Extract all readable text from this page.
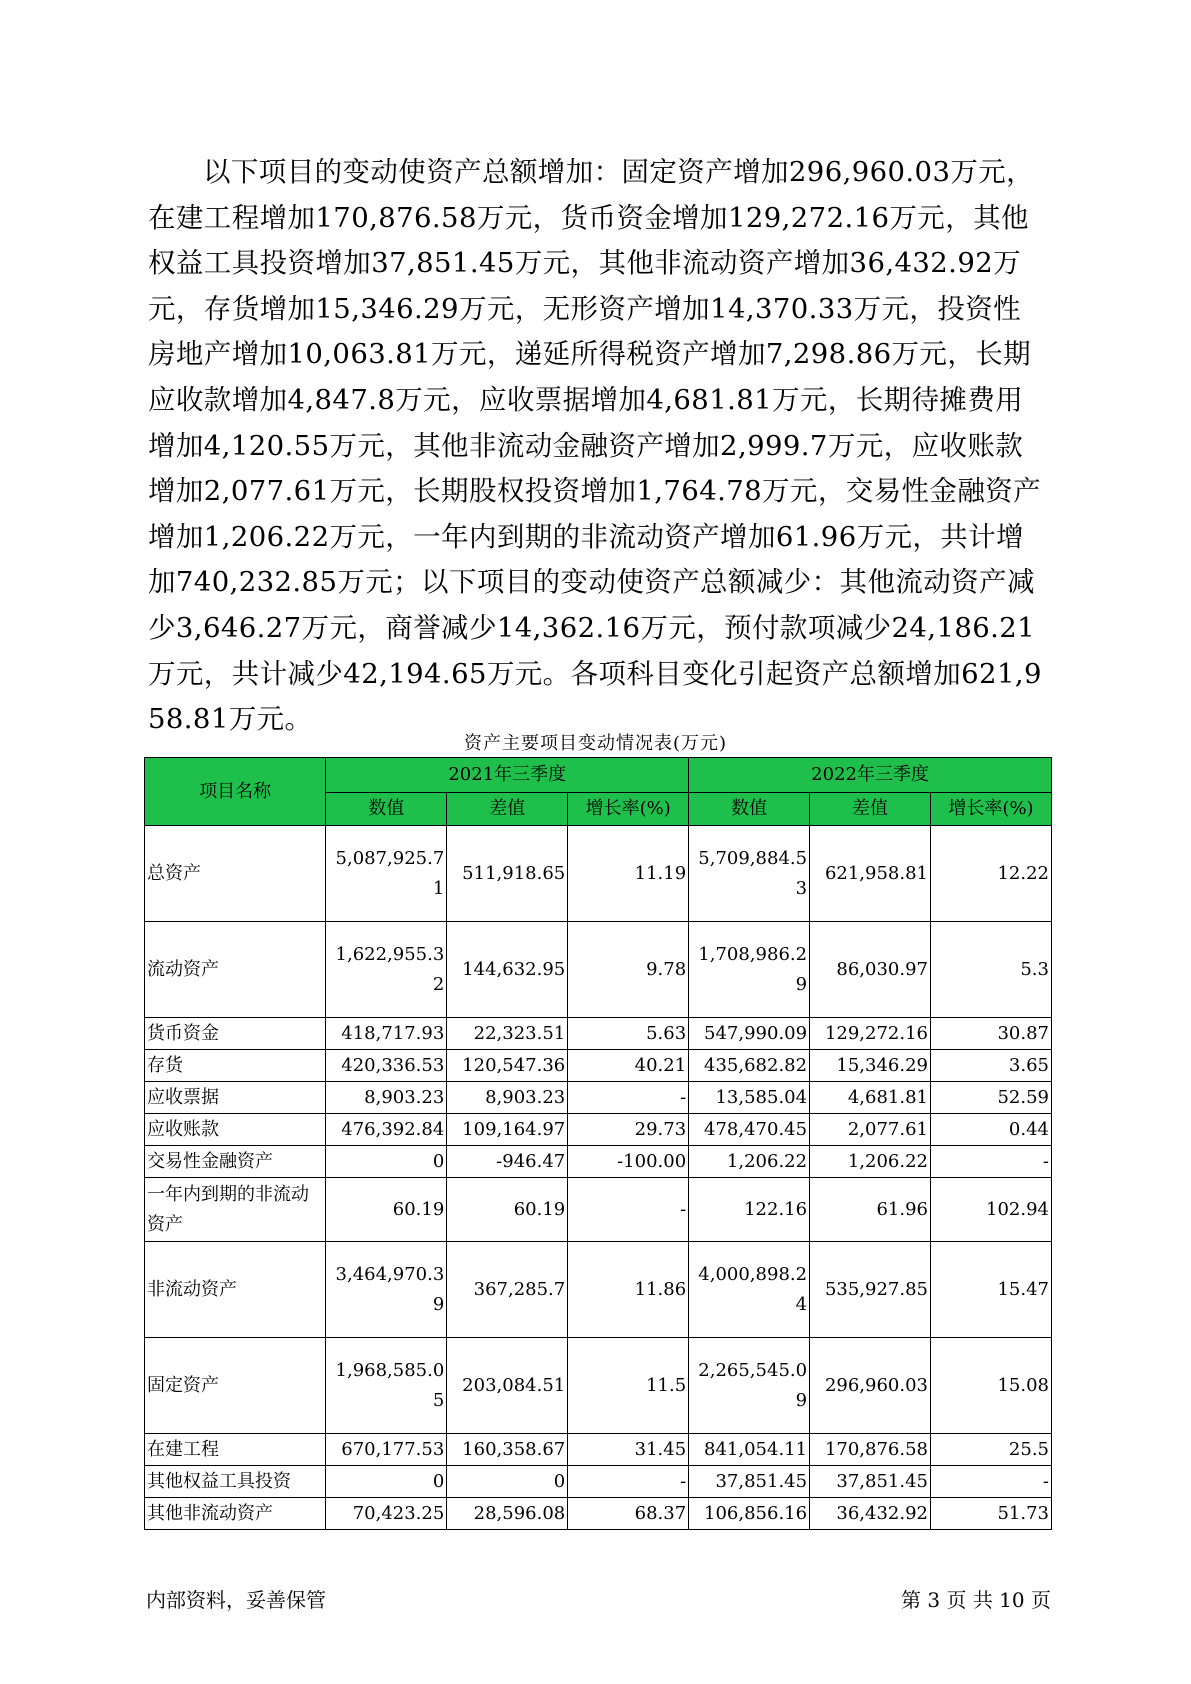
以下项目的变动使资产总额增加：固定资产增加296,960.03万元，在建工程增加170,876.58万元，货币资金增加129,272.16万元，其他权益工具投资增加37,851.45万元，其他非流动资产增加36,432.92万元，存货增加15,346.29万元，无形资产增加14,370.33万元，投资性房地产增加10,063.81万元，递延所得税资产增加7,298.86万元，长期应收款增加4,847.8万元，应收票据增加4,681.81万元，长期待摊费用增加4,120.55万元，其他非流动金融资产增加2,999.7万元，应收账款增加2,077.61万元，长期股权投资增加1,764.78万元，交易性金融资产增加1,206.22万元，一年内到期的非流动资产增加61.96万元，共计增加740,232.85万元；以下项目的变动使资产总额减少：其他流动资产减少3,646.27万元，商誉减少14,362.16万元，预付款项减少24,186.21万元，共计减少42,194.65万元。各项科目变化引起资产总额增加621,958.81万元。

资产主要项目变动情况表(万元)
项目名称	2021年三季度			2022年三季度		
	数值	差值	增长率(%)	数值	差值	增长率(%)
总资产	5,087,925.71	511,918.65	11.19	5,709,884.53	621,958.81	12.22
流动资产	1,622,955.32	144,632.95	9.78	1,708,986.29	86,030.97	5.3
货币资金	418,717.93	22,323.51	5.63	547,990.09	129,272.16	30.87
存货	420,336.53	120,547.36	40.21	435,682.82	15,346.29	3.65
应收票据	8,903.23	8,903.23	-	13,585.04	4,681.81	52.59
应收账款	476,392.84	109,164.97	29.73	478,470.45	2,077.61	0.44
交易性金融资产	0	-946.47	-100.00	1,206.22	1,206.22	-
一年内到期的非流动资产	60.19	60.19	-	122.16	61.96	102.94
非流动资产	3,464,970.39	367,285.7	11.86	4,000,898.24	535,927.85	15.47
固定资产	1,968,585.05	203,084.51	11.5	2,265,545.09	296,960.03	15.08
在建工程	670,177.53	160,358.67	31.45	841,054.11	170,876.58	25.5
其他权益工具投资	0	0	-	37,851.45	37,851.45	-
其他非流动资产	70,423.25	28,596.08	68.37	106,856.16	36,432.92	51.73
内部资料，妥善保管	第 3 页 共 10 页
